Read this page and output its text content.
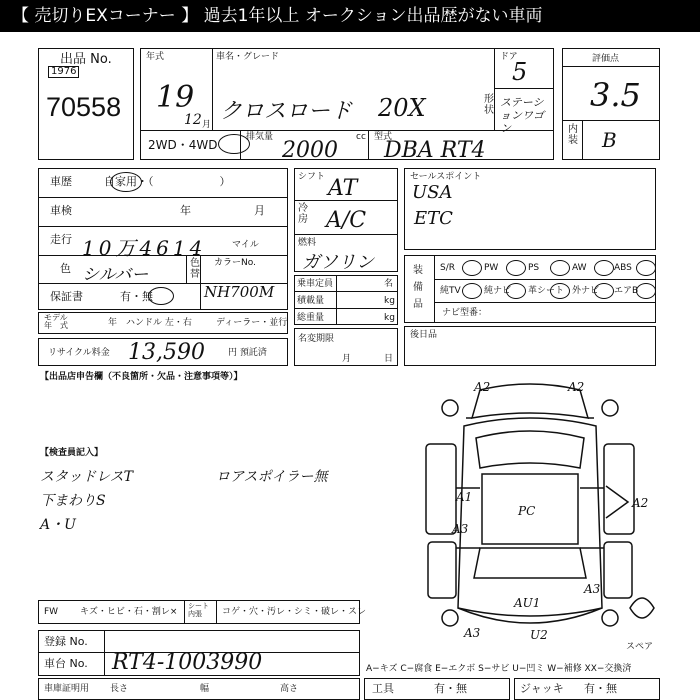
【 売切りEXコーナー 】 過去1年以上 オークション出品歴がない車両
出品 No.
1976
70558
年式
19
12 月
車名・グレード
クロスロード 20X
ドア
5
形状
ステーションワゴン
2WD・4WD
排気量
2000
cc 型式
DBA RT4
評価点
3.5
内装 B
車歴	自家用・（　　　　　　）
車検	年	月
走行 10万4614	マイル
色 シルバー
色替
カラーNo.
NH700M
保証書	有・無
年 ハンドル 左・右	ディーラー・並行
モデル
年　式
リサイクル料金 13,590	円 預託済
シフト AT
冷房 A/C
燃料
ガソリン
乗車定員	名
積載量	kg
総重量	kg
名変期限
月	日
セールスポイント
USA
ETC
装備品
ナビ型番：
後日品
【出品店申告欄（不良箇所・欠品・注意事項等）】
【検査員記入】
スタッドレスT
下まわりS
A・U
ロアスポイラー無
A2	A2
A2
A1
A3
PC
AU1
A3
A3
U2
スペア
FW キズ・ヒビ・石・割レ×
シート内張	コゲ・穴・汚レ・シミ・破レ・スレ
登録 No.
車台 No. RT4-1003990
車庫証明用 長さ	幅	高さ
A−キズ C−腐食 E−エクボ S−サビ U−凹ミ W−補修 XX−交換済
工具	有・無	ジャッキ 有・無
S/R	PW	PS	AW	ABS
純TV	純ナビ 革シート 外ナビ エアB
